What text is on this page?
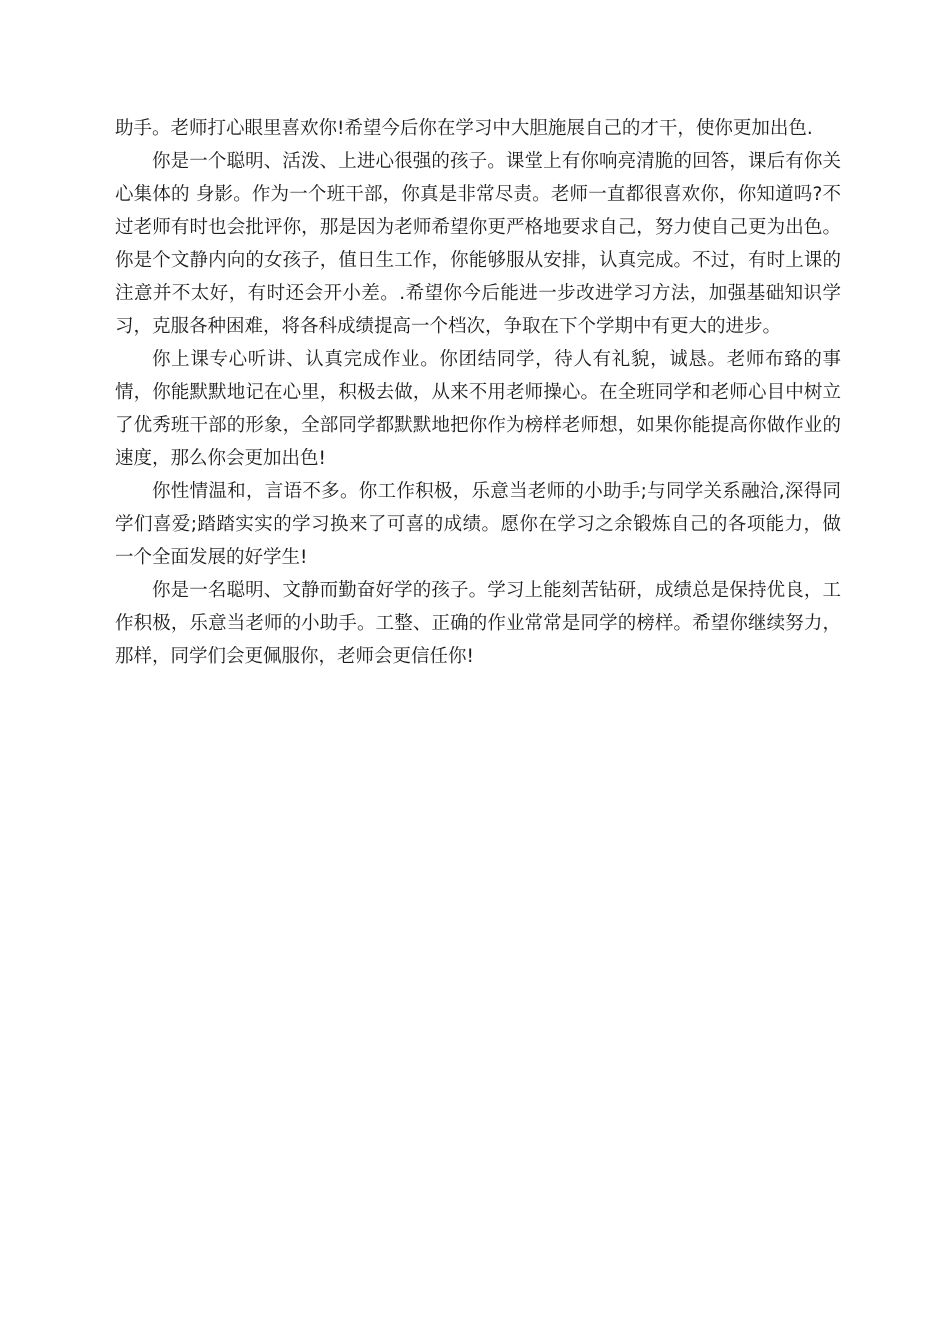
助手。老师打心眼里喜欢你!希望今后你在学习中大胆施展自己的才干，使你更加出色.

你是一个聪明、活泼、上进心很强的孩子。课堂上有你响亮清脆的回答，课后有你关心集体的 身影。作为一个班干部，你真是非常尽责。老师一直都很喜欢你，你知道吗?不过老师有时也会批评你，那是因为老师希望你更严格地要求自己，努力使自己更为出色。你是个文静内向的女孩子，值日生工作，你能够服从安排，认真完成。不过，有时上课的注意并不太好，有时还会开小差。.希望你今后能进一步改进学习方法，加强基础知识学习，克服各种困难，将各科成绩提高一个档次，争取在下个学期中有更大的进步。

你上课专心听讲、认真完成作业。你团结同学，待人有礼貌，诚恳。老师布臵的事情，你能默默地记在心里，积极去做，从来不用老师操心。在全班同学和老师心目中树立了优秀班干部的形象，全部同学都默默地把你作为榜样老师想，如果你能提高你做作业的速度，那么你会更加出色!

你性情温和，言语不多。你工作积极，乐意当老师的小助手;与同学关系融洽,深得同学们喜爱;踏踏实实的学习换来了可喜的成绩。愿你在学习之余锻炼自己的各项能力，做一个全面发展的好学生!

你是一名聪明、文静而勤奋好学的孩子。学习上能刻苦钻研，成绩总是保持优良，工作积极，乐意当老师的小助手。工整、正确的作业常常是同学的榜样。希望你继续努力，那样，同学们会更佩服你，老师会更信任你!
